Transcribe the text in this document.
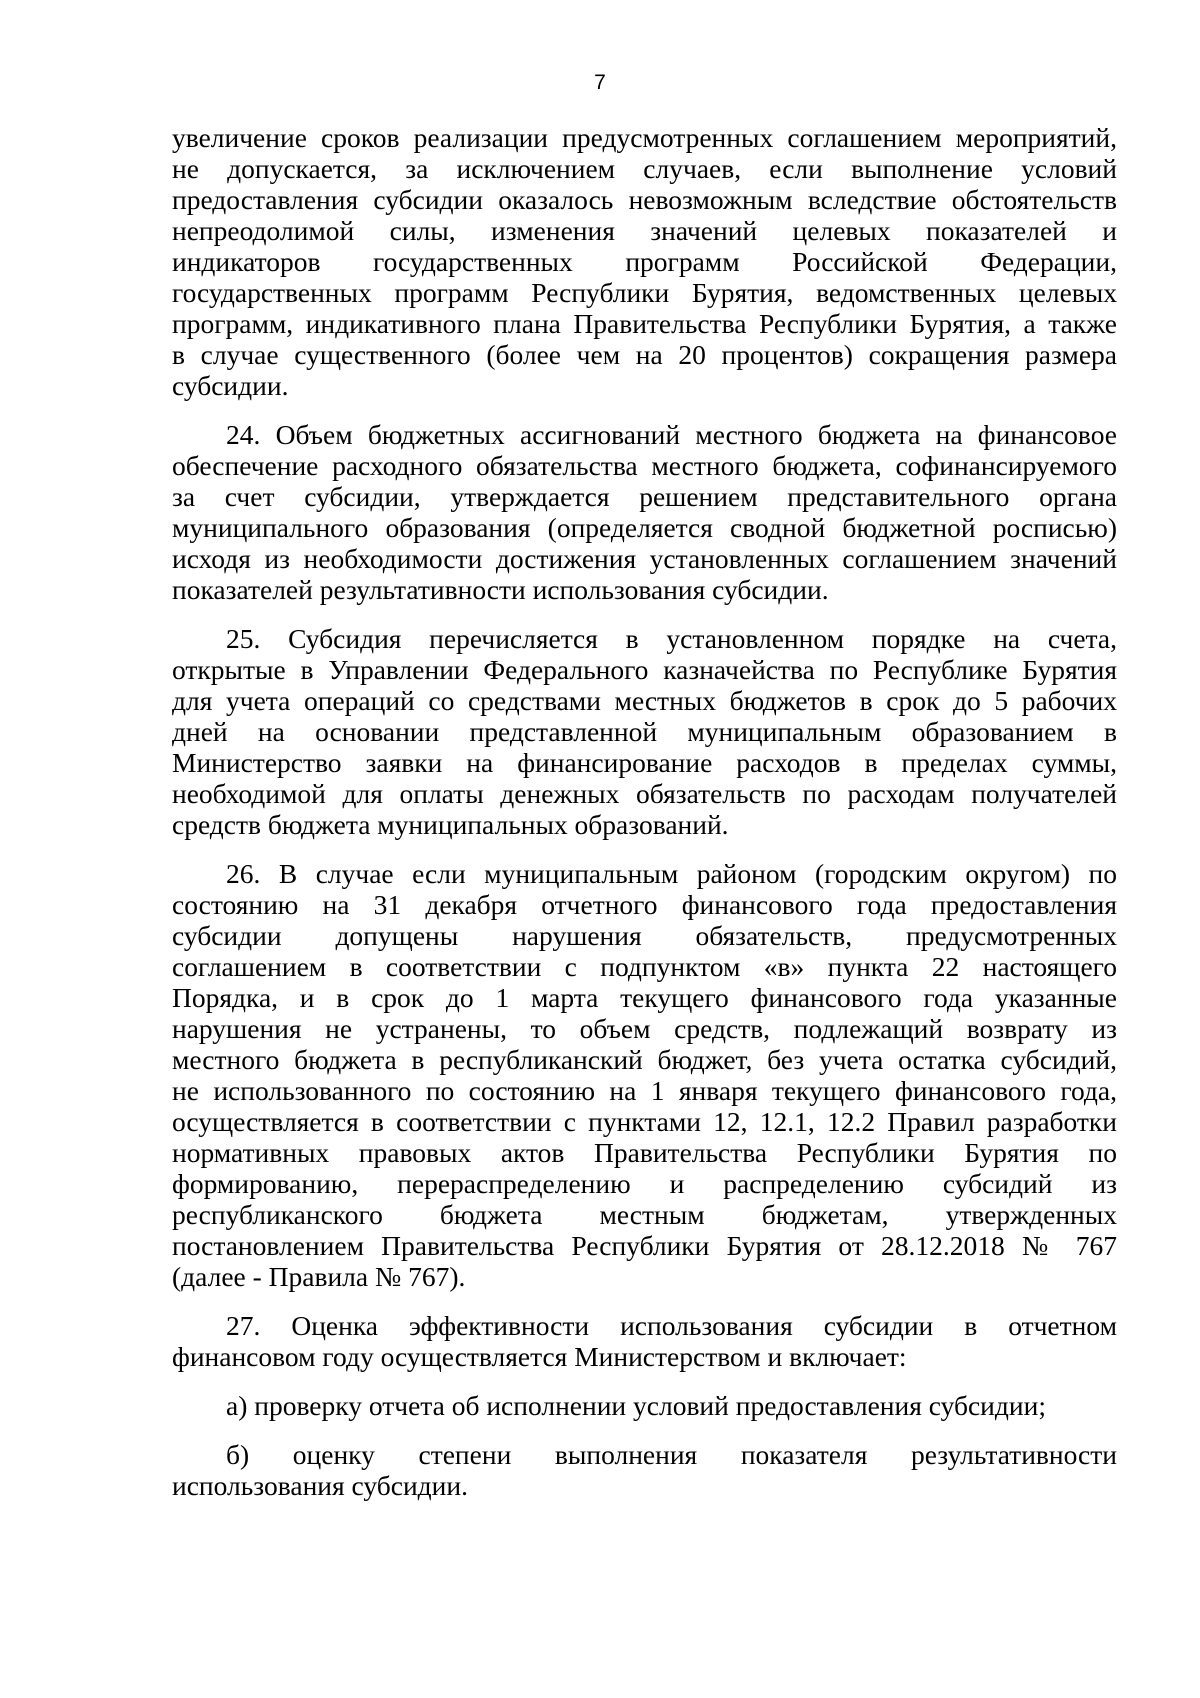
7
увеличение сроков реализации предусмотренных соглашением мероприятий,
не допускается, за исключением случаев, если выполнение условий
предоставления субсидии оказалось невозможным вследствие обстоятельств
непреодолимой силы, изменения значений целевых показателей и
индикаторов государственных программ Российской Федерации,
государственных программ Республики Бурятия, ведомственных целевых
программ, индикативного плана Правительства Республики Бурятия, а также
в случае существенного (более чем на 20 процентов) сокращения размера
субсидии.
24. Объем бюджетных ассигнований местного бюджета на финансовое
обеспечение расходного обязательства местного бюджета, софинансируемого
за счет субсидии, утверждается решением представительного органа
муниципального образования (определяется сводной бюджетной росписью)
исходя из необходимости достижения установленных соглашением значений
показателей результативности использования субсидии.
25. Субсидия перечисляется в установленном порядке на счета,
открытые в Управлении Федерального казначейства по Республике Бурятия
для учета операций со средствами местных бюджетов в срок до 5 рабочих
дней на основании представленной муниципальным образованием в
Министерство заявки на финансирование расходов в пределах суммы,
необходимой для оплаты денежных обязательств по расходам получателей
средств бюджета муниципальных образований.
26. В случае если муниципальным районом (городским округом) по
состоянию на 31 декабря отчетного финансового года предоставления
субсидии допущены нарушения обязательств, предусмотренных
соглашением в соответствии с подпунктом «в» пункта 22 настоящего
Порядка, и в срок до 1 марта текущего финансового года указанные
нарушения не устранены, то объем средств, подлежащий возврату из
местного бюджета в республиканский бюджет, без учета остатка субсидий,
не использованного по состоянию на 1 января текущего финансового года,
осуществляется в соответствии с пунктами 12, 12.1, 12.2 Правил разработки
нормативных правовых актов Правительства Республики Бурятия по
формированию, перераспределению и распределению субсидий из
республиканского бюджета местным бюджетам, утвержденных
постановлением Правительства Республики Бурятия от 28.12.2018 № 767
(далее - Правила № 767).
27. Оценка эффективности использования субсидии в отчетном
финансовом году осуществляется Министерством и включает:
а) проверку отчета об исполнении условий предоставления субсидии;
б) оценку степени выполнения показателя результативности
использования субсидии.
